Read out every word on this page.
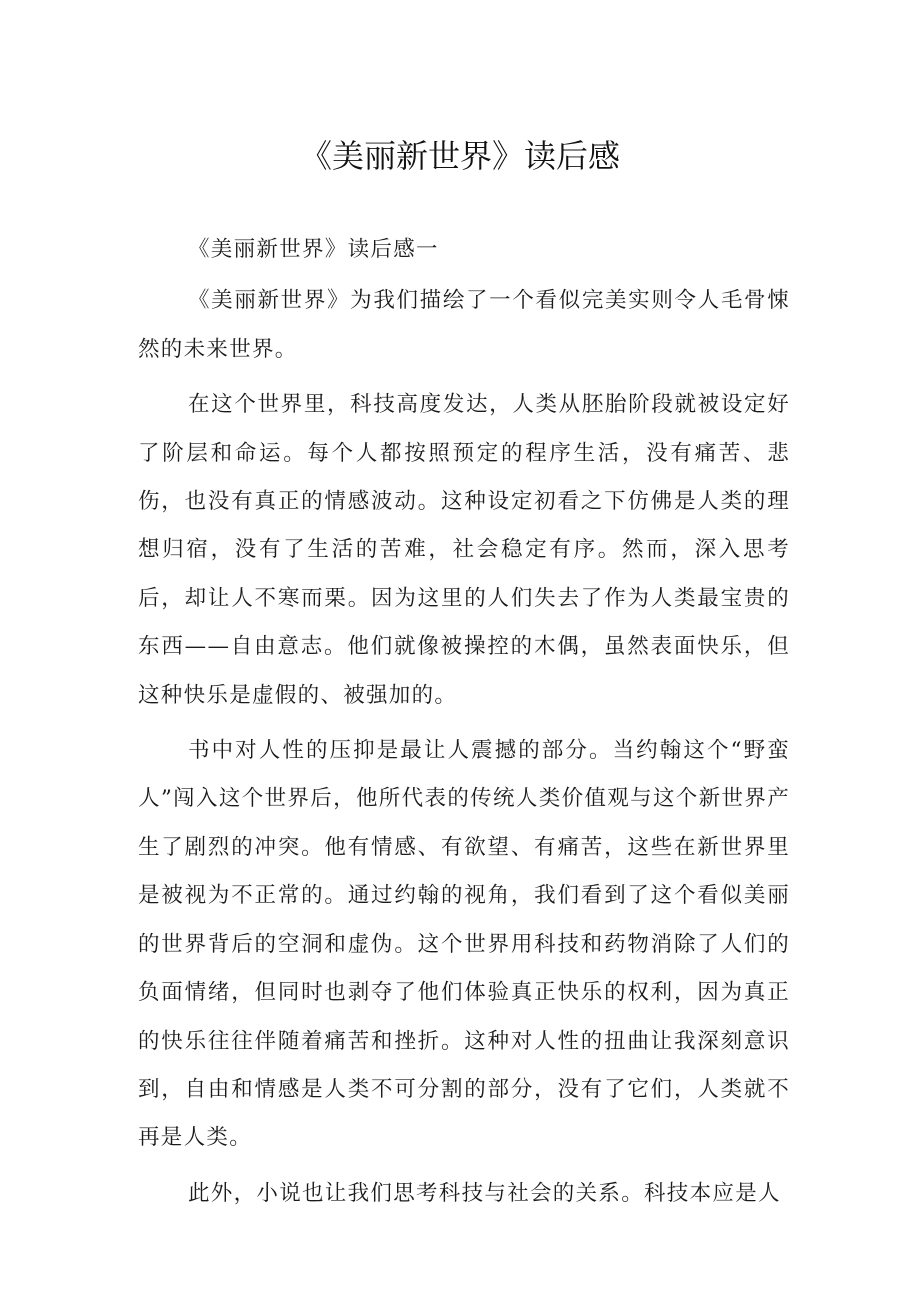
《美丽新世界》读后感

《美丽新世界》读后感一

《美丽新世界》为我们描绘了一个看似完美实则令人毛骨悚然的未来世界。

在这个世界里，科技高度发达，人类从胚胎阶段就被设定好了阶层和命运。每个人都按照预定的程序生活，没有痛苦、悲伤，也没有真正的情感波动。这种设定初看之下仿佛是人类的理想归宿，没有了生活的苦难，社会稳定有序。然而，深入思考后，却让人不寒而栗。因为这里的人们失去了作为人类最宝贵的东西——自由意志。他们就像被操控的木偶，虽然表面快乐，但这种快乐是虚假的、被强加的。

书中对人性的压抑是最让人震撼的部分。当约翰这个“野蛮人”闯入这个世界后，他所代表的传统人类价值观与这个新世界产生了剧烈的冲突。他有情感、有欲望、有痛苦，这些在新世界里是被视为不正常的。通过约翰的视角，我们看到了这个看似美丽的世界背后的空洞和虚伪。这个世界用科技和药物消除了人们的负面情绪，但同时也剥夺了他们体验真正快乐的权利，因为真正的快乐往往伴随着痛苦和挫折。这种对人性的扭曲让我深刻意识到，自由和情感是人类不可分割的部分，没有了它们，人类就不再是人类。

此外，小说也让我们思考科技与社会的关系。科技本应是人
